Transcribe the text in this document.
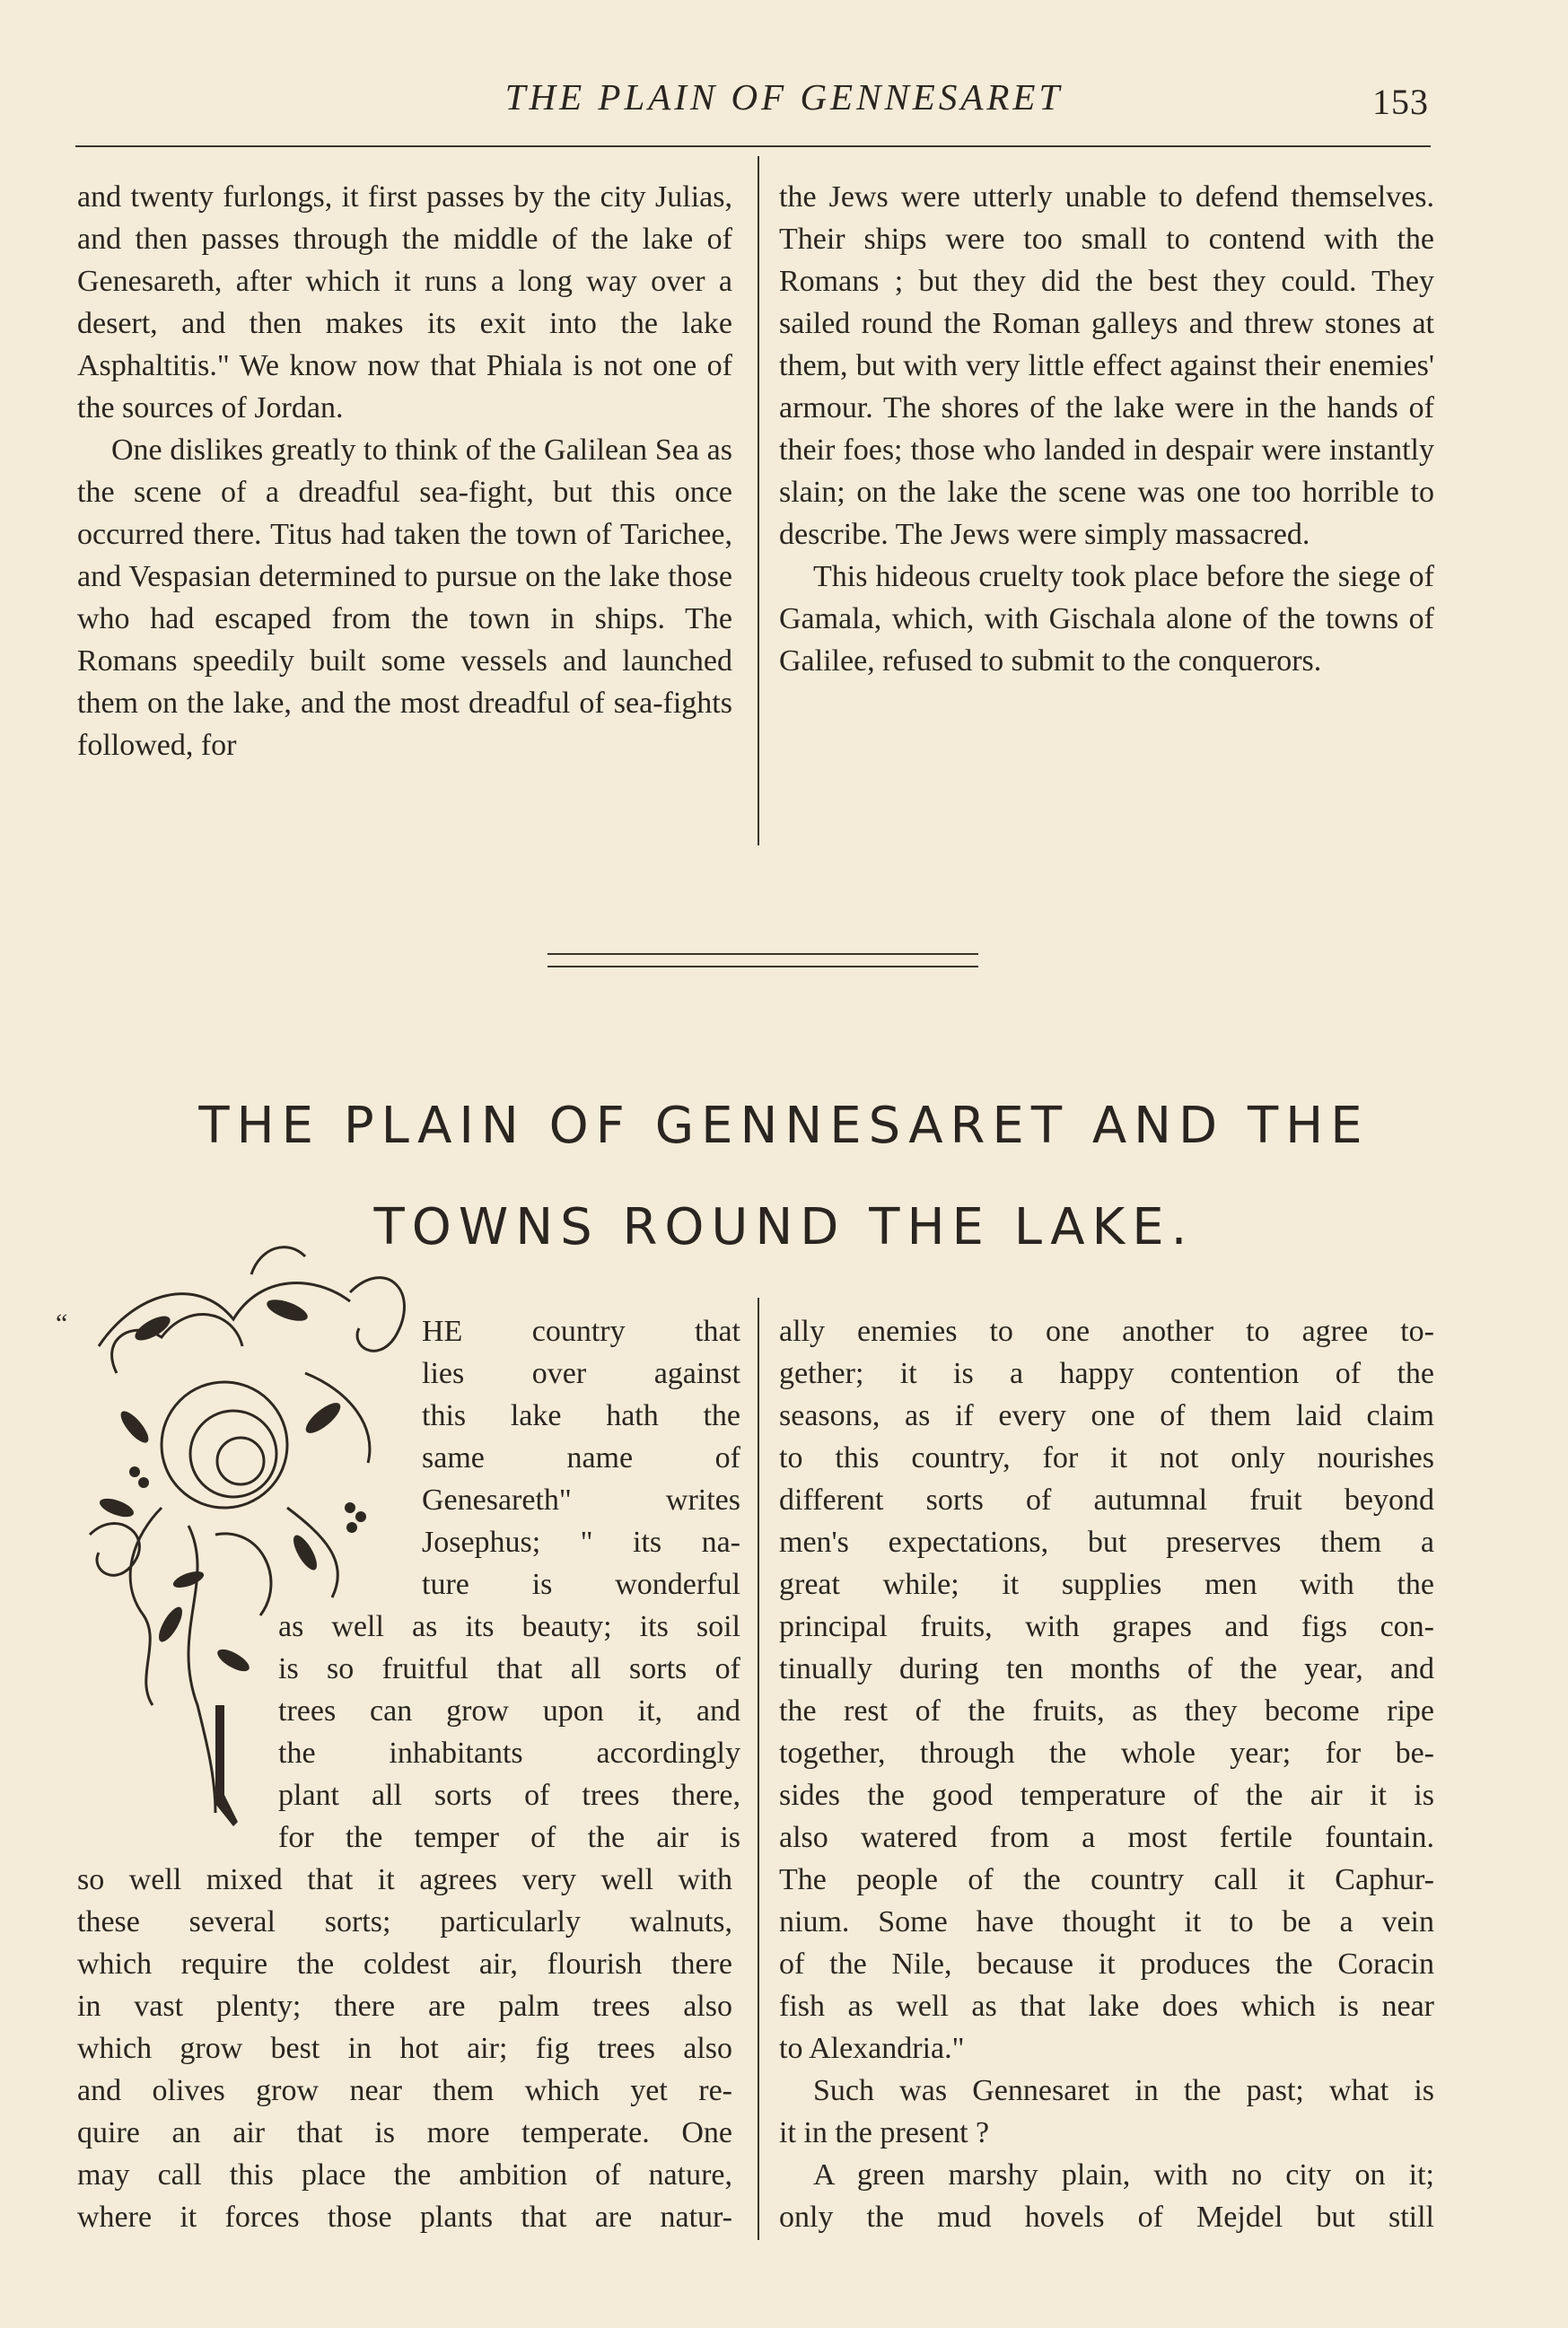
THE PLAIN OF GENNESARET	153

and twenty furlongs, it first passes by the city Julias, and then passes through the middle of the lake of Genesareth, after which it runs a long way over a desert, and then makes its exit into the lake Asphaltitis." We know now that Phiala is not one of the sources of Jordan.

One dislikes greatly to think of the Galilean Sea as the scene of a dreadful sea-fight, but this once occurred there. Titus had taken the town of Tarichee, and Vespasian determined to pursue on the lake those who had escaped from the town in ships. The Romans speedily built some vessels and launched them on the lake, and the most dreadful of sea-fights followed, for

the Jews were utterly unable to defend themselves. Their ships were too small to contend with the Romans ; but they did the best they could. They sailed round the Roman galleys and threw stones at them, but with very little effect against their enemies' armour. The shores of the lake were in the hands of their foes; those who landed in despair were instantly slain; on the lake the scene was one too horrible to describe. The Jews were simply massacred.

This hideous cruelty took place before the siege of Gamala, which, with Gischala alone of the towns of Galilee, refused to submit to the conquerors.

THE PLAIN OF GENNESARET AND THE
TOWNS ROUND THE LAKE.
“	HE country that
lies over against
this lake hath the
same name of
Genesareth" writes
Josephus; " its na-
ture is wonderful
as well as its beauty; its soil
is so fruitful that all sorts of
trees can grow upon it, and
the inhabitants accordingly
plant all sorts of trees there,
for the temper of the air is
so well mixed that it agrees very well with
these several sorts; particularly walnuts,
which require the coldest air, flourish there
in vast plenty; there are palm trees also
which grow best in hot air; fig trees also
and olives grow near them which yet re-
quire an air that is more temperate. One
may call this place the ambition of nature,
where it forces those plants that are natur-
ally enemies to one another to agree to-
gether; it is a happy contention of the
seasons, as if every one of them laid claim
to this country, for it not only nourishes
different sorts of autumnal fruit beyond
men's expectations, but preserves them a
great while; it supplies men with the
principal fruits, with grapes and figs con-
tinually during ten months of the year, and
the rest of the fruits, as they become ripe
together, through the whole year; for be-
sides the good temperature of the air it is
also watered from a most fertile fountain.
The people of the country call it Caphur-
nium. Some have thought it to be a vein
of the Nile, because it produces the Coracin
fish as well as that lake does which is near
to Alexandria."
Such was Gennesaret in the past; what is
it in the present ?
A green marshy plain, with no city on it;
only the mud hovels of Mejdel but still
